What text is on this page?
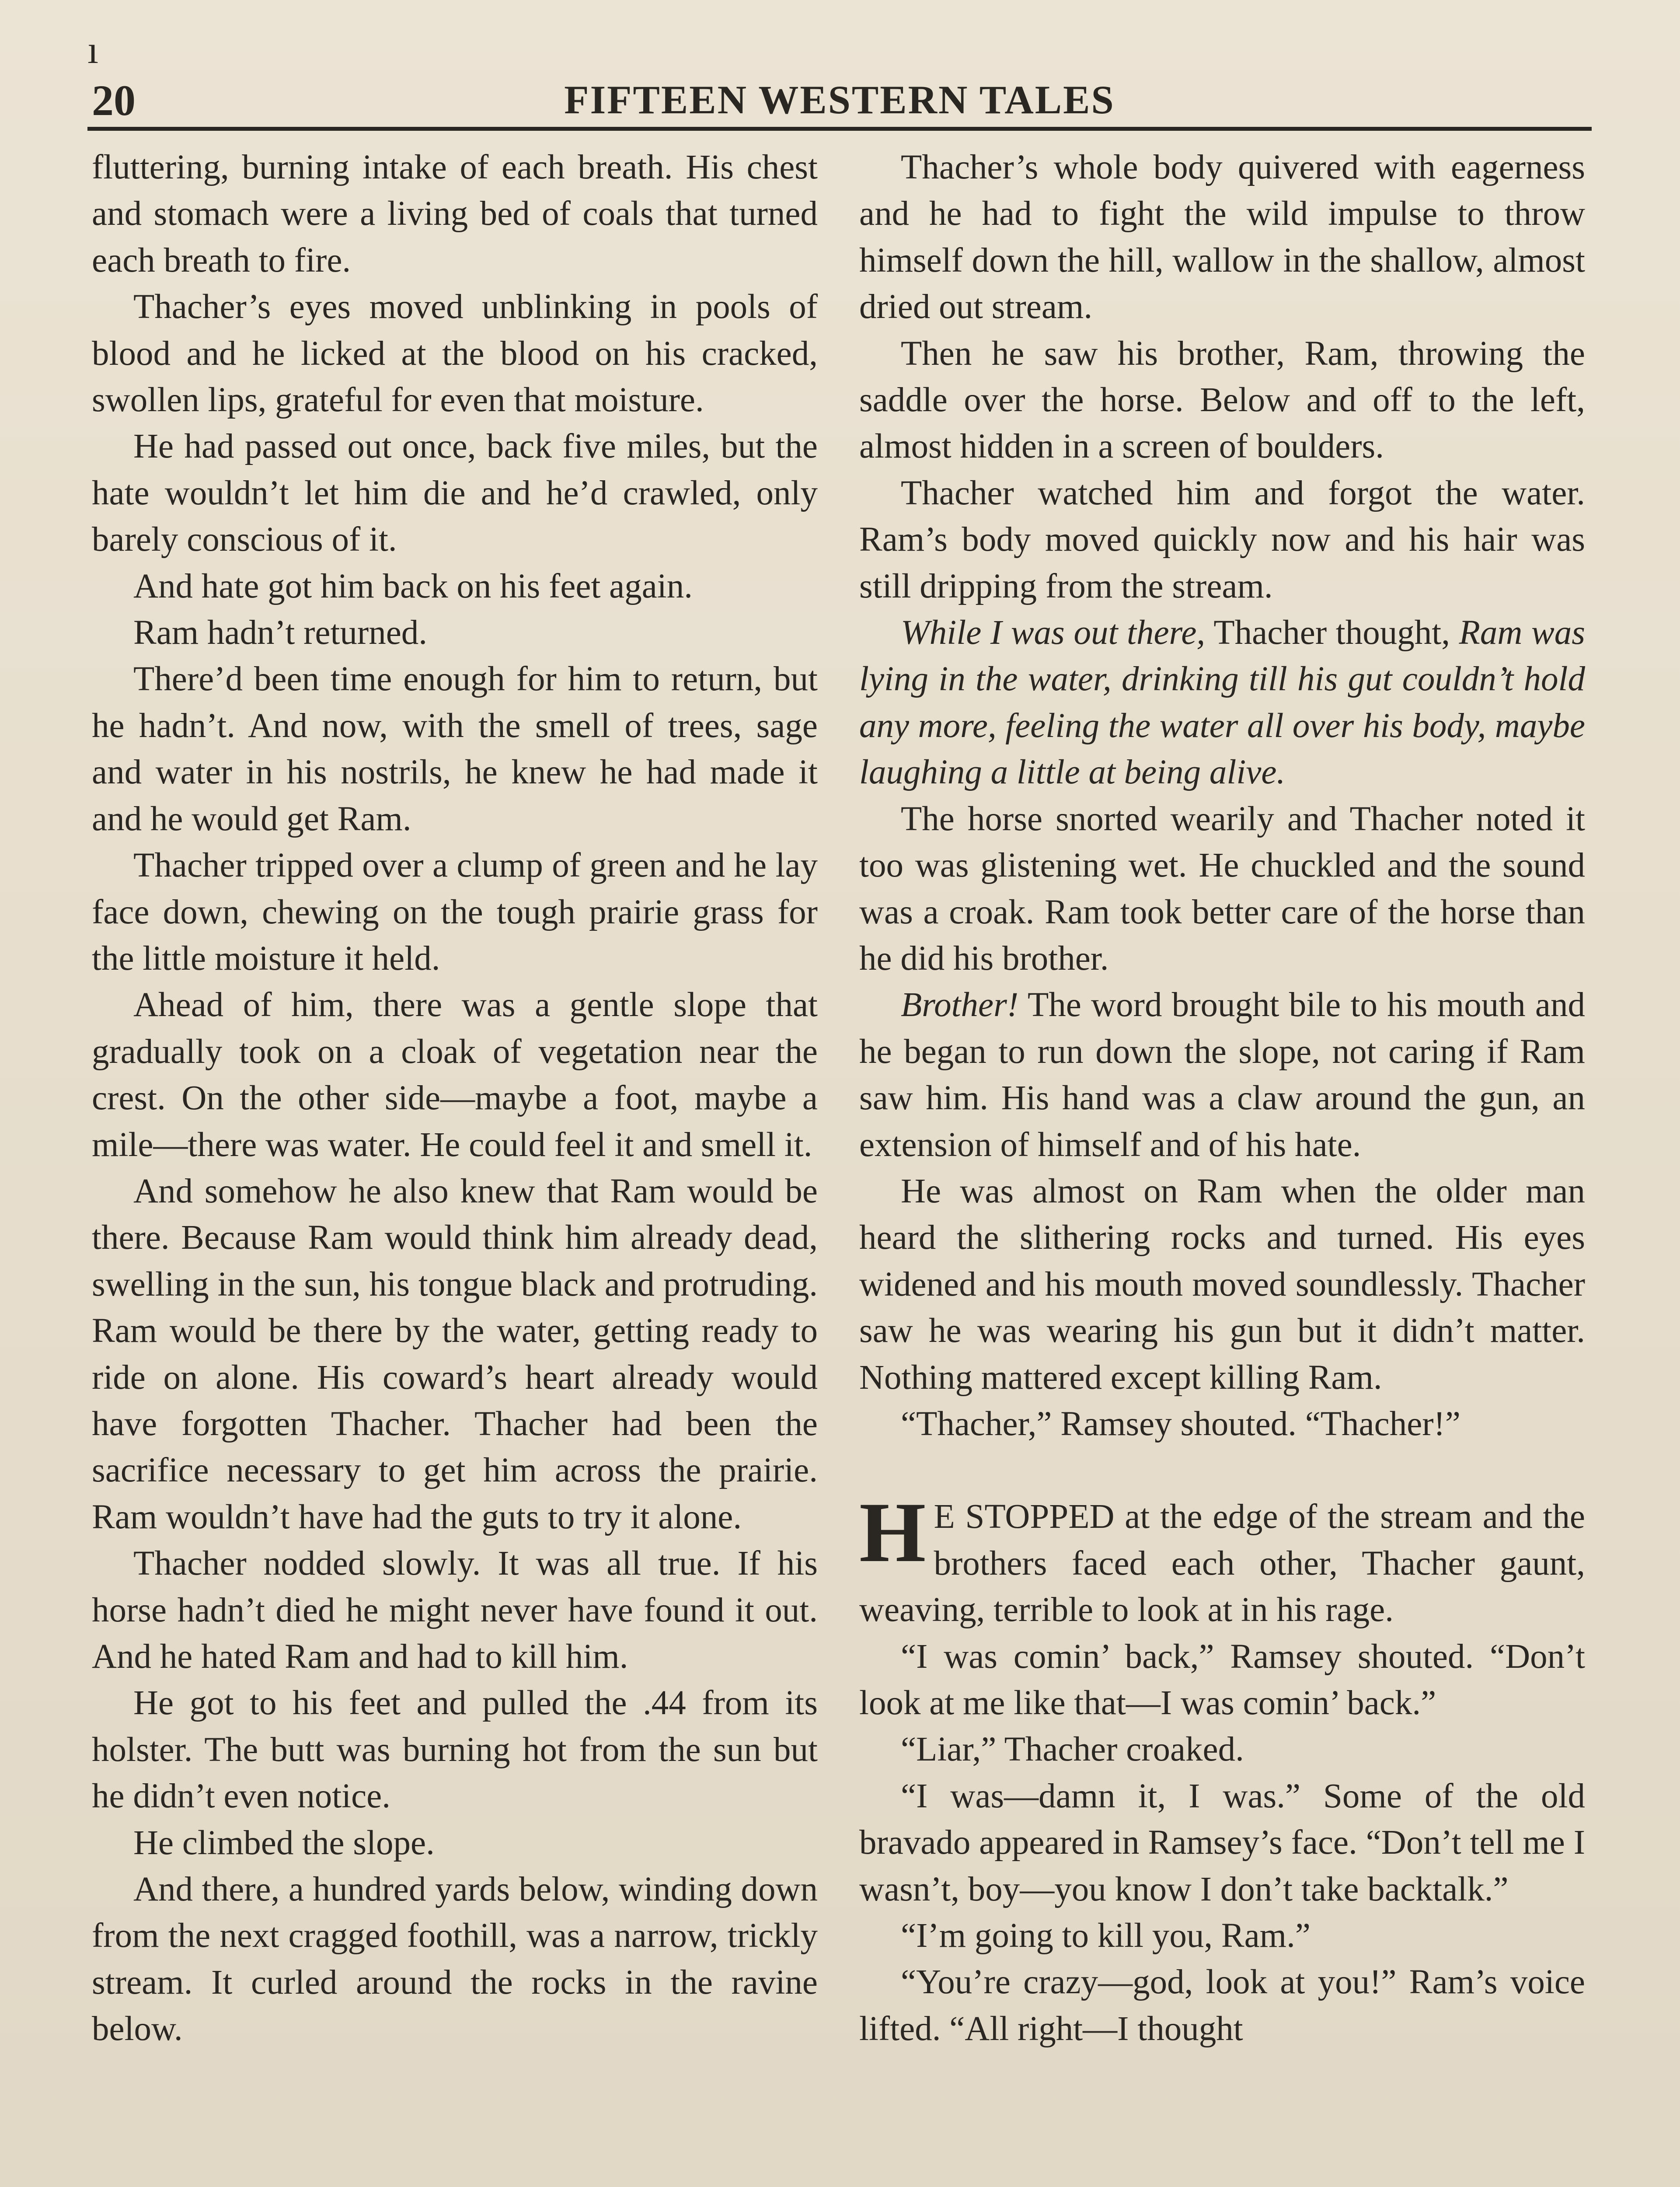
ı
20	FIFTEEN WESTERN TALES

fluttering, burning intake of each breath. His chest and stomach were a living bed of coals that turned each breath to fire.

Thacher’s eyes moved unblinking in pools of blood and he licked at the blood on his cracked, swollen lips, grateful for even that moisture.

He had passed out once, back five miles, but the hate wouldn’t let him die and he’d crawled, only barely conscious of it.

And hate got him back on his feet again.

Ram hadn’t returned.

There’d been time enough for him to return, but he hadn’t. And now, with the smell of trees, sage and water in his nostrils, he knew he had made it and he would get Ram.

Thacher tripped over a clump of green and he lay face down, chewing on the tough prairie grass for the little moisture it held.

Ahead of him, there was a gentle slope that gradually took on a cloak of vegetation near the crest. On the other side—maybe a foot, maybe a mile—there was water. He could feel it and smell it.

And somehow he also knew that Ram would be there. Because Ram would think him already dead, swelling in the sun, his tongue black and protruding. Ram would be there by the water, getting ready to ride on alone. His coward’s heart already would have forgotten Thacher. Thacher had been the sacrifice necessary to get him across the prairie. Ram wouldn’t have had the guts to try it alone.

Thacher nodded slowly. It was all true. If his horse hadn’t died he might never have found it out. And he hated Ram and had to kill him.

He got to his feet and pulled the .44 from its holster. The butt was burning hot from the sun but he didn’t even notice.

He climbed the slope.

And there, a hundred yards below, winding down from the next cragged foothill, was a narrow, trickly stream. It curled around the rocks in the ravine below.

Thacher’s whole body quivered with eagerness and he had to fight the wild impulse to throw himself down the hill, wallow in the shallow, almost dried out stream.

Then he saw his brother, Ram, throwing the saddle over the horse. Below and off to the left, almost hidden in a screen of boulders.

Thacher watched him and forgot the water. Ram’s body moved quickly now and his hair was still dripping from the stream.

While I was out there, Thacher thought, Ram was lying in the water, drinking till his gut couldn’t hold any more, feeling the water all over his body, maybe laughing a little at being alive.

The horse snorted wearily and Thacher noted it too was glistening wet. He chuckled and the sound was a croak. Ram took better care of the horse than he did his brother.

Brother! The word brought bile to his mouth and he began to run down the slope, not caring if Ram saw him. His hand was a claw around the gun, an extension of himself and of his hate.

He was almost on Ram when the older man heard the slithering rocks and turned. His eyes widened and his mouth moved soundlessly. Thacher saw he was wearing his gun but it didn’t matter. Nothing mattered except killing Ram.

“Thacher,” Ramsey shouted. “Thacher!”

H E STOPPED at the edge of the stream and the brothers faced each other, Thacher gaunt, weaving, terrible to look at in his rage.

“I was comin’ back,” Ramsey shouted. “Don’t look at me like that—I was comin’ back.”

“Liar,” Thacher croaked.

“I was—damn it, I was.” Some of the old bravado appeared in Ramsey’s face. “Don’t tell me I wasn’t, boy—you know I don’t take backtalk.”

“I’m going to kill you, Ram.”

“You’re crazy—god, look at you!” Ram’s voice lifted. “All right—I thought
